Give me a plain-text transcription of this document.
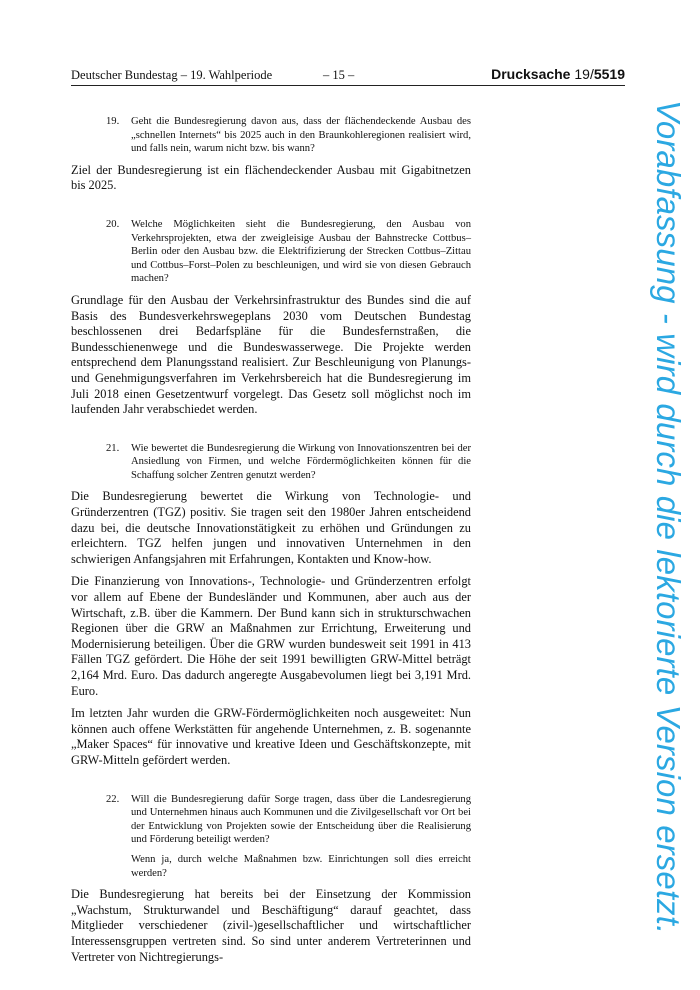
Deutscher Bundestag – 19. Wahlperiode	– 15 –	Drucksache 19/5519
19. Geht die Bundesregierung davon aus, dass der flächendeckende Ausbau des „schnellen Internets“ bis 2025 auch in den Braunkohleregionen realisiert wird, und falls nein, warum nicht bzw. bis wann?

Ziel der Bundesregierung ist ein flächendeckender Ausbau mit Gigabitnetzen bis 2025.

20. Welche Möglichkeiten sieht die Bundesregierung, den Ausbau von Verkehrsprojekten, etwa der zweigleisige Ausbau der Bahnstrecke Cottbus–Berlin oder den Ausbau bzw. die Elektrifizierung der Strecken Cottbus–Zittau und Cottbus–Forst–Polen zu beschleunigen, und wird sie von diesen Gebrauch machen?

Grundlage für den Ausbau der Verkehrsinfrastruktur des Bundes sind die auf Basis des Bundesverkehrswegeplans 2030 vom Deutschen Bundestag beschlossenen drei Bedarfspläne für die Bundesfernstraßen, die Bundesschienenwege und die Bundeswasserwege. Die Projekte werden entsprechend dem Planungsstand realisiert. Zur Beschleunigung von Planungs- und Genehmigungsverfahren im Verkehrsbereich hat die Bundesregierung im Juli 2018 einen Gesetzentwurf vorgelegt. Das Gesetz soll möglichst noch im laufenden Jahr verabschiedet werden.

21. Wie bewertet die Bundesregierung die Wirkung von Innovationszentren bei der Ansiedlung von Firmen, und welche Fördermöglichkeiten können für die Schaffung solcher Zentren genutzt werden?

Die Bundesregierung bewertet die Wirkung von Technologie- und Gründerzentren (TGZ) positiv. Sie tragen seit den 1980er Jahren entscheidend dazu bei, die deutsche Innovationstätigkeit zu erhöhen und Gründungen zu erleichtern. TGZ helfen jungen und innovativen Unternehmen in den schwierigen Anfangsjahren mit Erfahrungen, Kontakten und Know-how.

Die Finanzierung von Innovations-, Technologie- und Gründerzentren erfolgt vor allem auf Ebene der Bundesländer und Kommunen, aber auch aus der Wirtschaft, z.B. über die Kammern. Der Bund kann sich in strukturschwachen Regionen über die GRW an Maßnahmen zur Errichtung, Erweiterung und Modernisierung beteiligen. Über die GRW wurden bundesweit seit 1991 in 413 Fällen TGZ gefördert. Die Höhe der seit 1991 bewilligten GRW-Mittel beträgt 2,164 Mrd. Euro. Das dadurch angeregte Ausgabevolumen liegt bei 3,191 Mrd. Euro.

Im letzten Jahr wurden die GRW-Fördermöglichkeiten noch ausgeweitet: Nun können auch offene Werkstätten für angehende Unternehmen, z. B. sogenannte „Maker Spaces“ für innovative und kreative Ideen und Geschäftskonzepte, mit GRW-Mitteln gefördert werden.

22. Will die Bundesregierung dafür Sorge tragen, dass über die Landesregierung und Unternehmen hinaus auch Kommunen und die Zivilgesellschaft vor Ort bei der Entwicklung von Projekten sowie der Entscheidung über die Realisierung und Förderung beteiligt werden?
Wenn ja, durch welche Maßnahmen bzw. Einrichtungen soll dies erreicht werden?

Die Bundesregierung hat bereits bei der Einsetzung der Kommission „Wachstum, Strukturwandel und Beschäftigung“ darauf geachtet, dass Mitglieder verschiedener (zivil-)gesellschaftlicher und wirtschaftlicher Interessensgruppen vertreten sind. So sind unter anderem Vertreterinnen und Vertreter von Nichtregierungs-

Vorabfassung - wird durch die lektorierte Version ersetzt.
